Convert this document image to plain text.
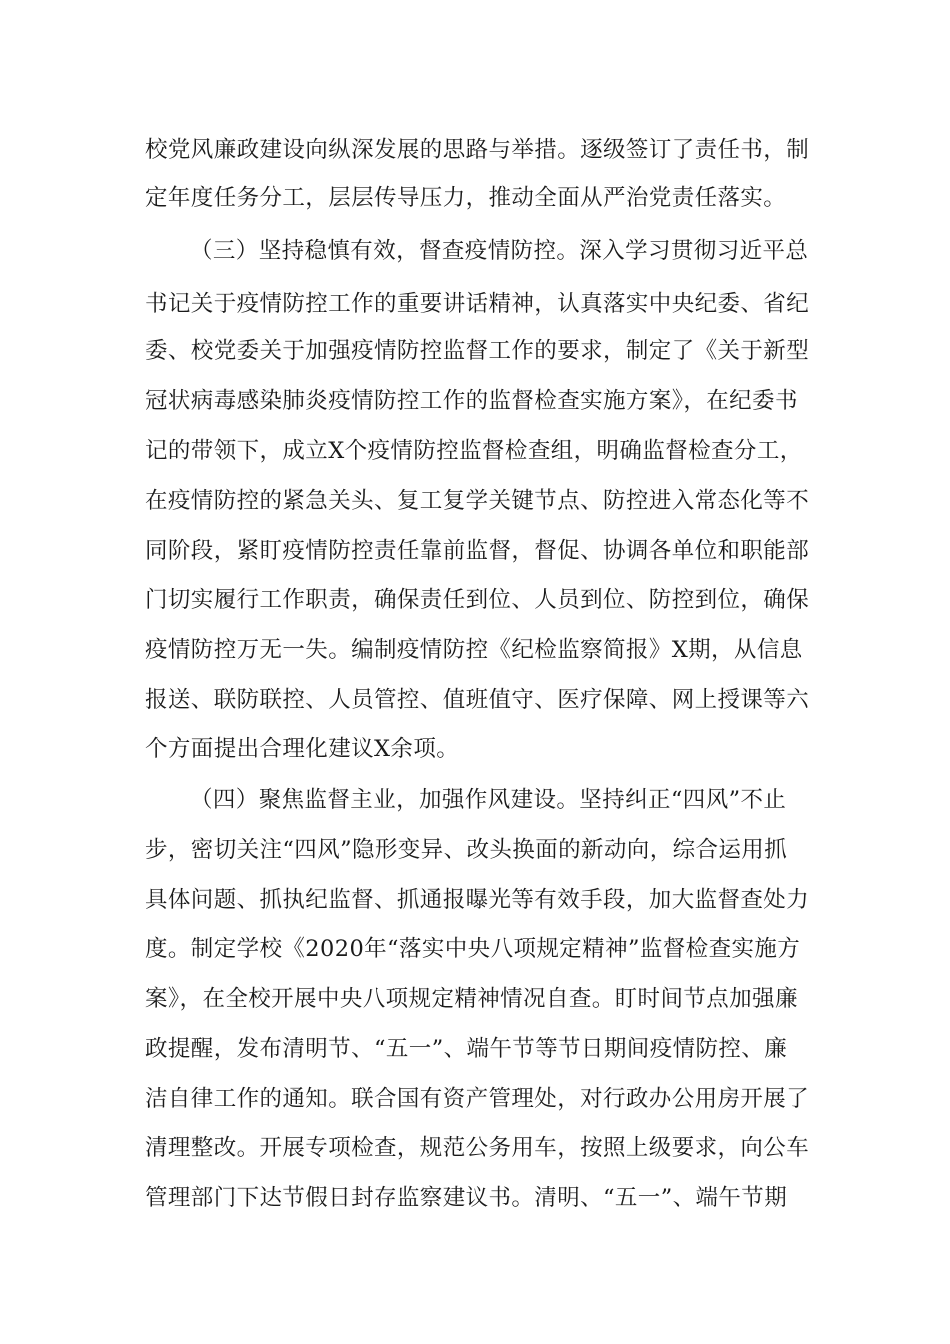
校党风廉政建设向纵深发展的思路与举措。逐级签订了责任书，制
定年度任务分工，层层传导压力，推动全面从严治党责任落实。
（三）坚持稳慎有效，督查疫情防控。深入学习贯彻习近平总
书记关于疫情防控工作的重要讲话精神，认真落实中央纪委、省纪
委、校党委关于加强疫情防控监督工作的要求，制定了《关于新型
冠状病毒感染肺炎疫情防控工作的监督检查实施方案》，在纪委书
记的带领下，成立X个疫情防控监督检查组，明确监督检查分工，
在疫情防控的紧急关头、复工复学关键节点、防控进入常态化等不
同阶段，紧盯疫情防控责任靠前监督，督促、协调各单位和职能部
门切实履行工作职责，确保责任到位、人员到位、防控到位，确保
疫情防控万无一失。编制疫情防控《纪检监察简报》X期，从信息
报送、联防联控、人员管控、值班值守、医疗保障、网上授课等六
个方面提出合理化建议X余项。
（四）聚焦监督主业，加强作风建设。坚持纠正“四风”不止
步，密切关注“四风”隐形变异、改头换面的新动向，综合运用抓
具体问题、抓执纪监督、抓通报曝光等有效手段，加大监督查处力
度。制定学校《2020年“落实中央八项规定精神”监督检查实施方
案》，在全校开展中央八项规定精神情况自查。盯时间节点加强廉
政提醒，发布清明节、“五一”、端午节等节日期间疫情防控、廉
洁自律工作的通知。联合国有资产管理处，对行政办公用房开展了
清理整改。开展专项检查，规范公务用车，按照上级要求，向公车
管理部门下达节假日封存监察建议书。清明、“五一”、端午节期
